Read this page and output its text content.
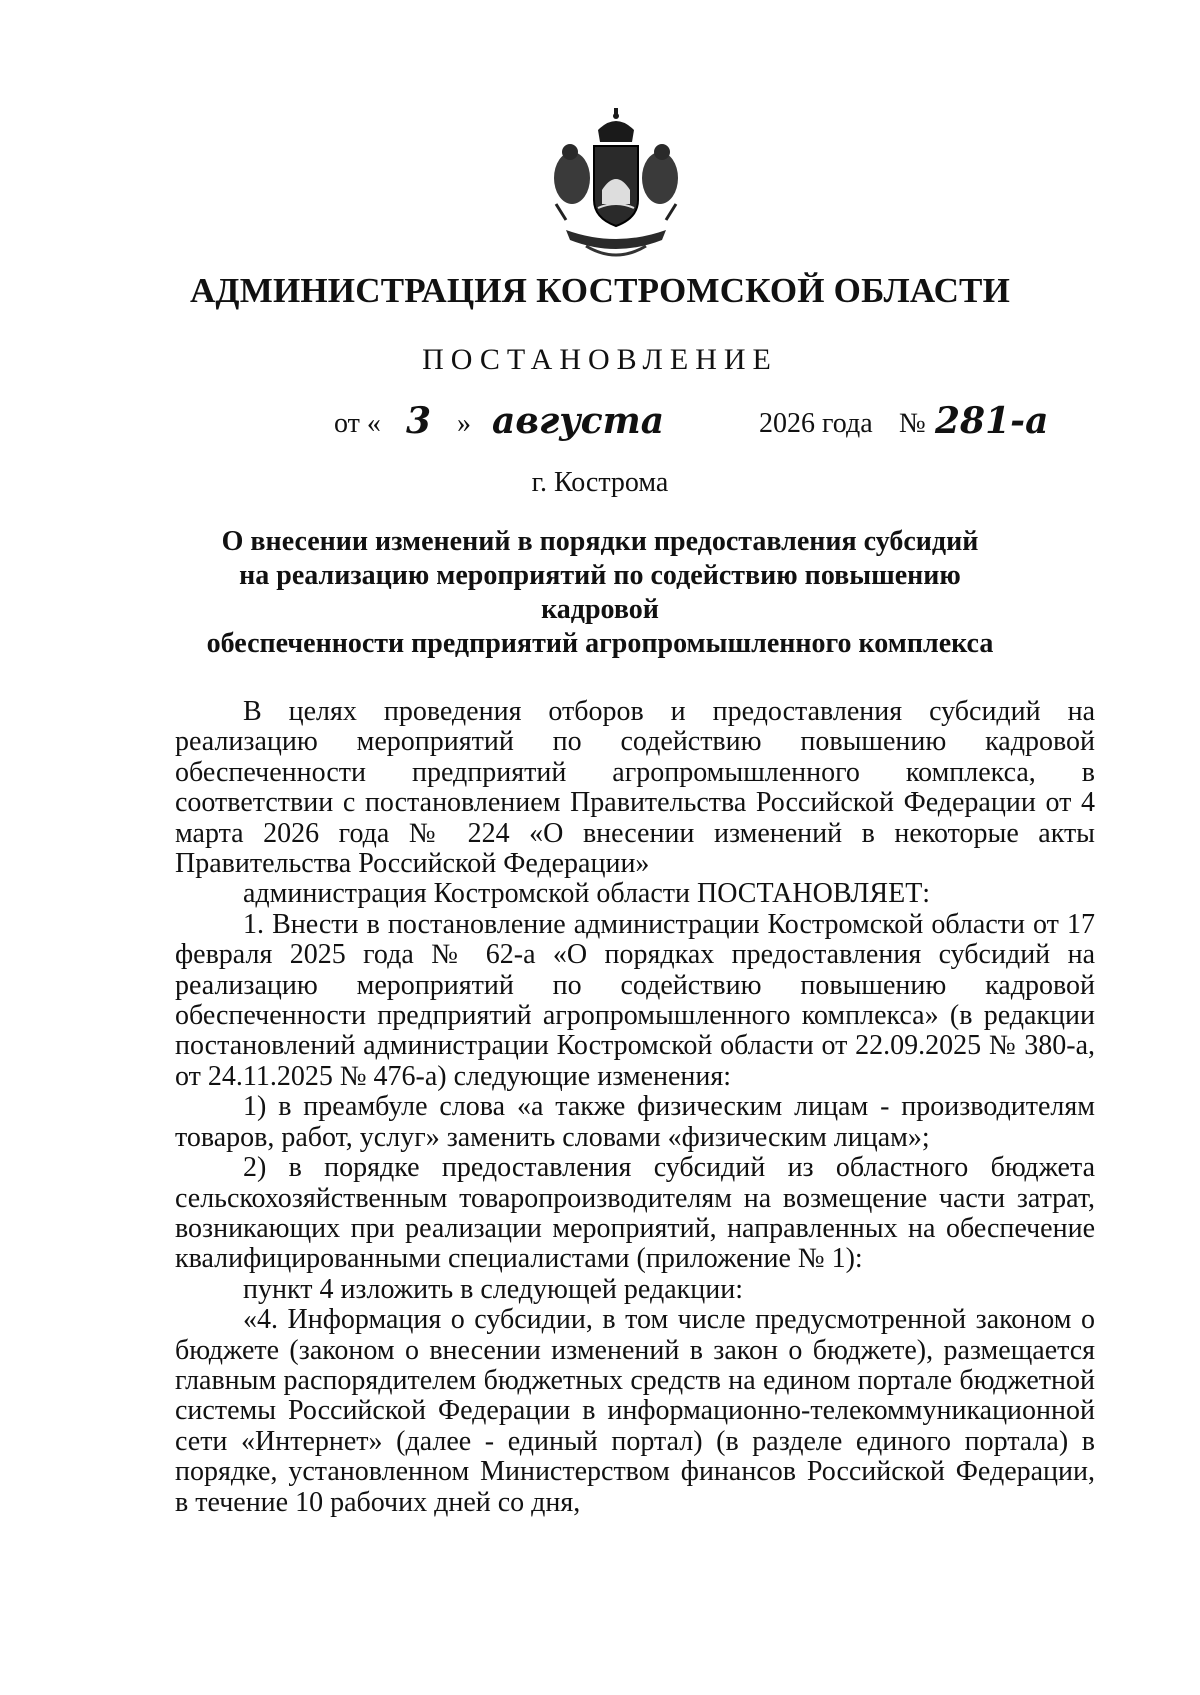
АДМИНИСТРАЦИЯ КОСТРОМСКОЙ ОБЛАСТИ
ПОСТАНОВЛЕНИЕ
от « 3 » августа	2026 года № 281-а
г. Кострома
О внесении изменений в порядки предоставления субсидий
на реализацию мероприятий по содействию повышению кадровой
обеспеченности предприятий агропромышленного комплекса

В целях проведения отборов и предоставления субсидий на реализацию мероприятий по содействию повышению кадровой обеспеченности предприятий агропромышленного комплекса, в соответствии с постановлением Правительства Российской Федерации от 4 марта 2026 года № 224 «О внесении изменений в некоторые акты Правительства Российской Федерации»

администрация Костромской области ПОСТАНОВЛЯЕТ:

1. Внести в постановление администрации Костромской области от 17 февраля 2025 года № 62-а «О порядках предоставления субсидий на реализацию мероприятий по содействию повышению кадровой обеспеченности предприятий агропромышленного комплекса» (в редакции постановлений администрации Костромской области от 22.09.2025 № 380-а, от 24.11.2025 № 476-а) следующие изменения:

1) в преамбуле слова «а также физическим лицам - производителям товаров, работ, услуг» заменить словами «физическим лицам»;

2) в порядке предоставления субсидий из областного бюджета сельскохозяйственным товаропроизводителям на возмещение части затрат, возникающих при реализации мероприятий, направленных на обеспечение квалифицированными специалистами (приложение № 1):

пункт 4 изложить в следующей редакции:

«4. Информация о субсидии, в том числе предусмотренной законом о бюджете (законом о внесении изменений в закон о бюджете), размещается главным распорядителем бюджетных средств на едином портале бюджетной системы Российской Федерации в информационно-телекоммуникационной сети «Интернет» (далее - единый портал) (в разделе единого портала) в порядке, установленном Министерством финансов Российской Федерации, в течение 10 рабочих дней со дня,
